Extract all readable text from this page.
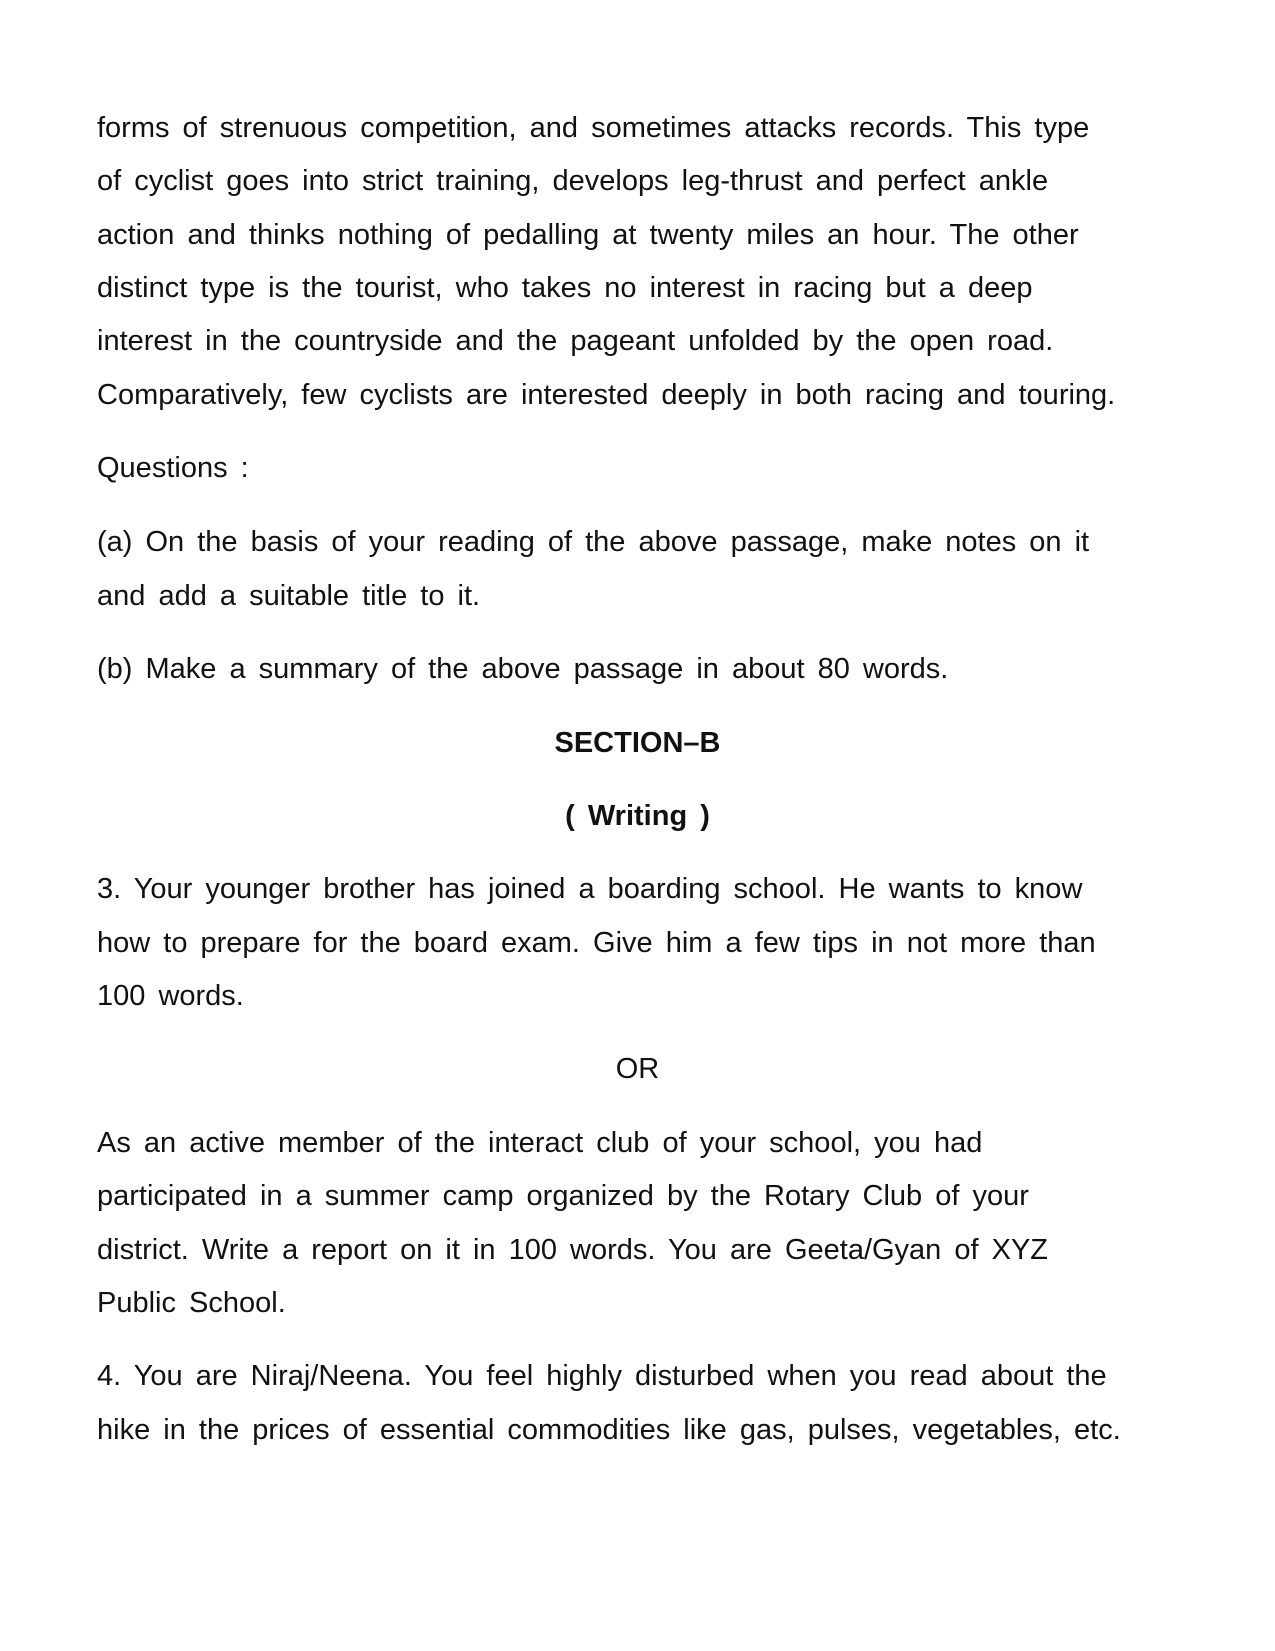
forms of strenuous competition, and sometimes attacks records. This type
of cyclist goes into strict training, develops leg-thrust and perfect ankle
action and thinks nothing of pedalling at twenty miles an hour. The other
distinct type is the tourist, who takes no interest in racing but a deep
interest in the countryside and the pageant unfolded by the open road.
Comparatively, few cyclists are interested deeply in both racing and touring.
Questions :
(a) On the basis of your reading of the above passage, make notes on it
and add a suitable title to it.
(b) Make a summary of the above passage in about 80 words.
SECTION–B
( Writing )
3. Your younger brother has joined a boarding school. He wants to know
how to prepare for the board exam. Give him a few tips in not more than
100 words.
OR
As an active member of the interact club of your school, you had
participated in a summer camp organized by the Rotary Club of your
district. Write a report on it in 100 words. You are Geeta/Gyan of XYZ
Public School.
4. You are Niraj/Neena. You feel highly disturbed when you read about the
hike in the prices of essential commodities like gas, pulses, vegetables, etc.
